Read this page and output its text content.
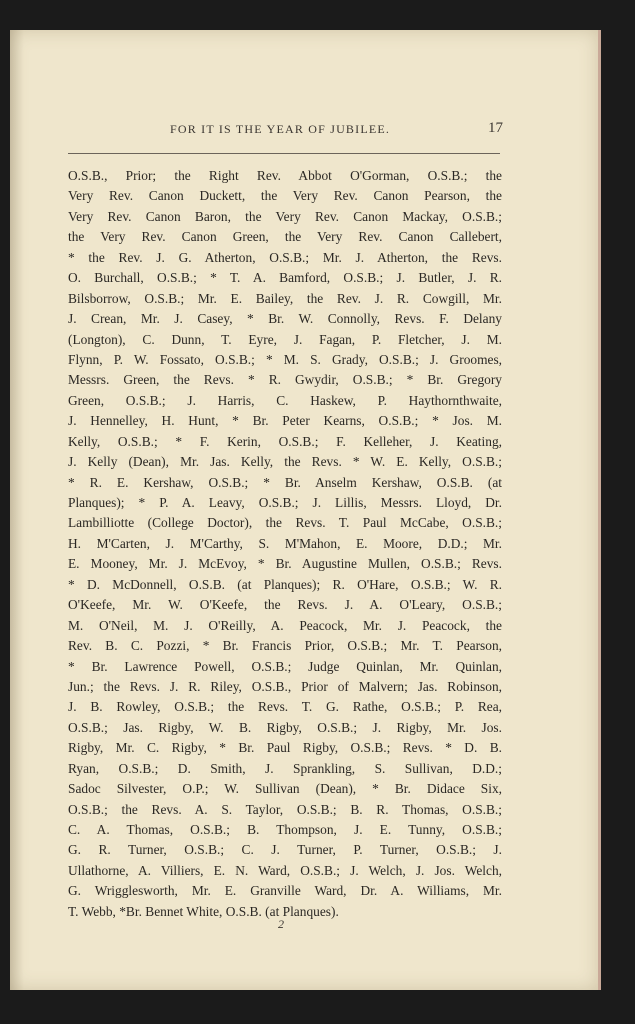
FOR IT IS THE YEAR OF JUBILEE.	17
O.S.B., Prior; the Right Rev. Abbot O'Gorman, O.S.B.; the
Very Rev. Canon Duckett, the Very Rev. Canon Pearson, the
Very Rev. Canon Baron, the Very Rev. Canon Mackay, O.S.B.;
the Very Rev. Canon Green, the Very Rev. Canon Callebert,
* the Rev. J. G. Atherton, O.S.B.; Mr. J. Atherton, the Revs.
O. Burchall, O.S.B.; * T. A. Bamford, O.S.B.; J. Butler, J. R.
Bilsborrow, O.S.B.; Mr. E. Bailey, the Rev. J. R. Cowgill, Mr.
J. Crean, Mr. J. Casey, * Br. W. Connolly, Revs. F. Delany
(Longton), C. Dunn, T. Eyre, J. Fagan, P. Fletcher, J. M.
Flynn, P. W. Fossato, O.S.B.; * M. S. Grady, O.S.B.; J. Groomes,
Messrs. Green, the Revs. * R. Gwydir, O.S.B.; * Br. Gregory
Green, O.S.B.; J. Harris, C. Haskew, P. Haythornthwaite,
J. Hennelley, H. Hunt, * Br. Peter Kearns, O.S.B.; * Jos. M.
Kelly, O.S.B.; * F. Kerin, O.S.B.; F. Kelleher, J. Keating,
J. Kelly (Dean), Mr. Jas. Kelly, the Revs. * W. E. Kelly, O.S.B.;
* R. E. Kershaw, O.S.B.; * Br. Anselm Kershaw, O.S.B. (at
Planques); * P. A. Leavy, O.S.B.; J. Lillis, Messrs. Lloyd, Dr.
Lambilliotte (College Doctor), the Revs. T. Paul McCabe, O.S.B.;
H. M'Carten, J. M'Carthy, S. M'Mahon, E. Moore, D.D.; Mr.
E. Mooney, Mr. J. McEvoy, * Br. Augustine Mullen, O.S.B.; Revs.
* D. McDonnell, O.S.B. (at Planques); R. O'Hare, O.S.B.; W. R.
O'Keefe, Mr. W. O'Keefe, the Revs. J. A. O'Leary, O.S.B.;
M. O'Neil, M. J. O'Reilly, A. Peacock, Mr. J. Peacock, the
Rev. B. C. Pozzi, * Br. Francis Prior, O.S.B.; Mr. T. Pearson,
* Br. Lawrence Powell, O.S.B.; Judge Quinlan, Mr. Quinlan,
Jun.; the Revs. J. R. Riley, O.S.B., Prior of Malvern; Jas. Robinson,
J. B. Rowley, O.S.B.; the Revs. T. G. Rathe, O.S.B.; P. Rea,
O.S.B.; Jas. Rigby, W. B. Rigby, O.S.B.; J. Rigby, Mr. Jos.
Rigby, Mr. C. Rigby, * Br. Paul Rigby, O.S.B.; Revs. * D. B.
Ryan, O.S.B.; D. Smith, J. Sprankling, S. Sullivan, D.D.;
Sadoc Silvester, O.P.; W. Sullivan (Dean), * Br. Didace Six,
O.S.B.; the Revs. A. S. Taylor, O.S.B.; B. R. Thomas, O.S.B.;
C. A. Thomas, O.S.B.; B. Thompson, J. E. Tunny, O.S.B.;
G. R. Turner, O.S.B.; C. J. Turner, P. Turner, O.S.B.; J.
Ullathorne, A. Villiers, E. N. Ward, O.S.B.; J. Welch, J. Jos. Welch,
G. Wrigglesworth, Mr. E. Granville Ward, Dr. A. Williams, Mr.
T. Webb, *Br. Bennet White, O.S.B. (at Planques).
2
